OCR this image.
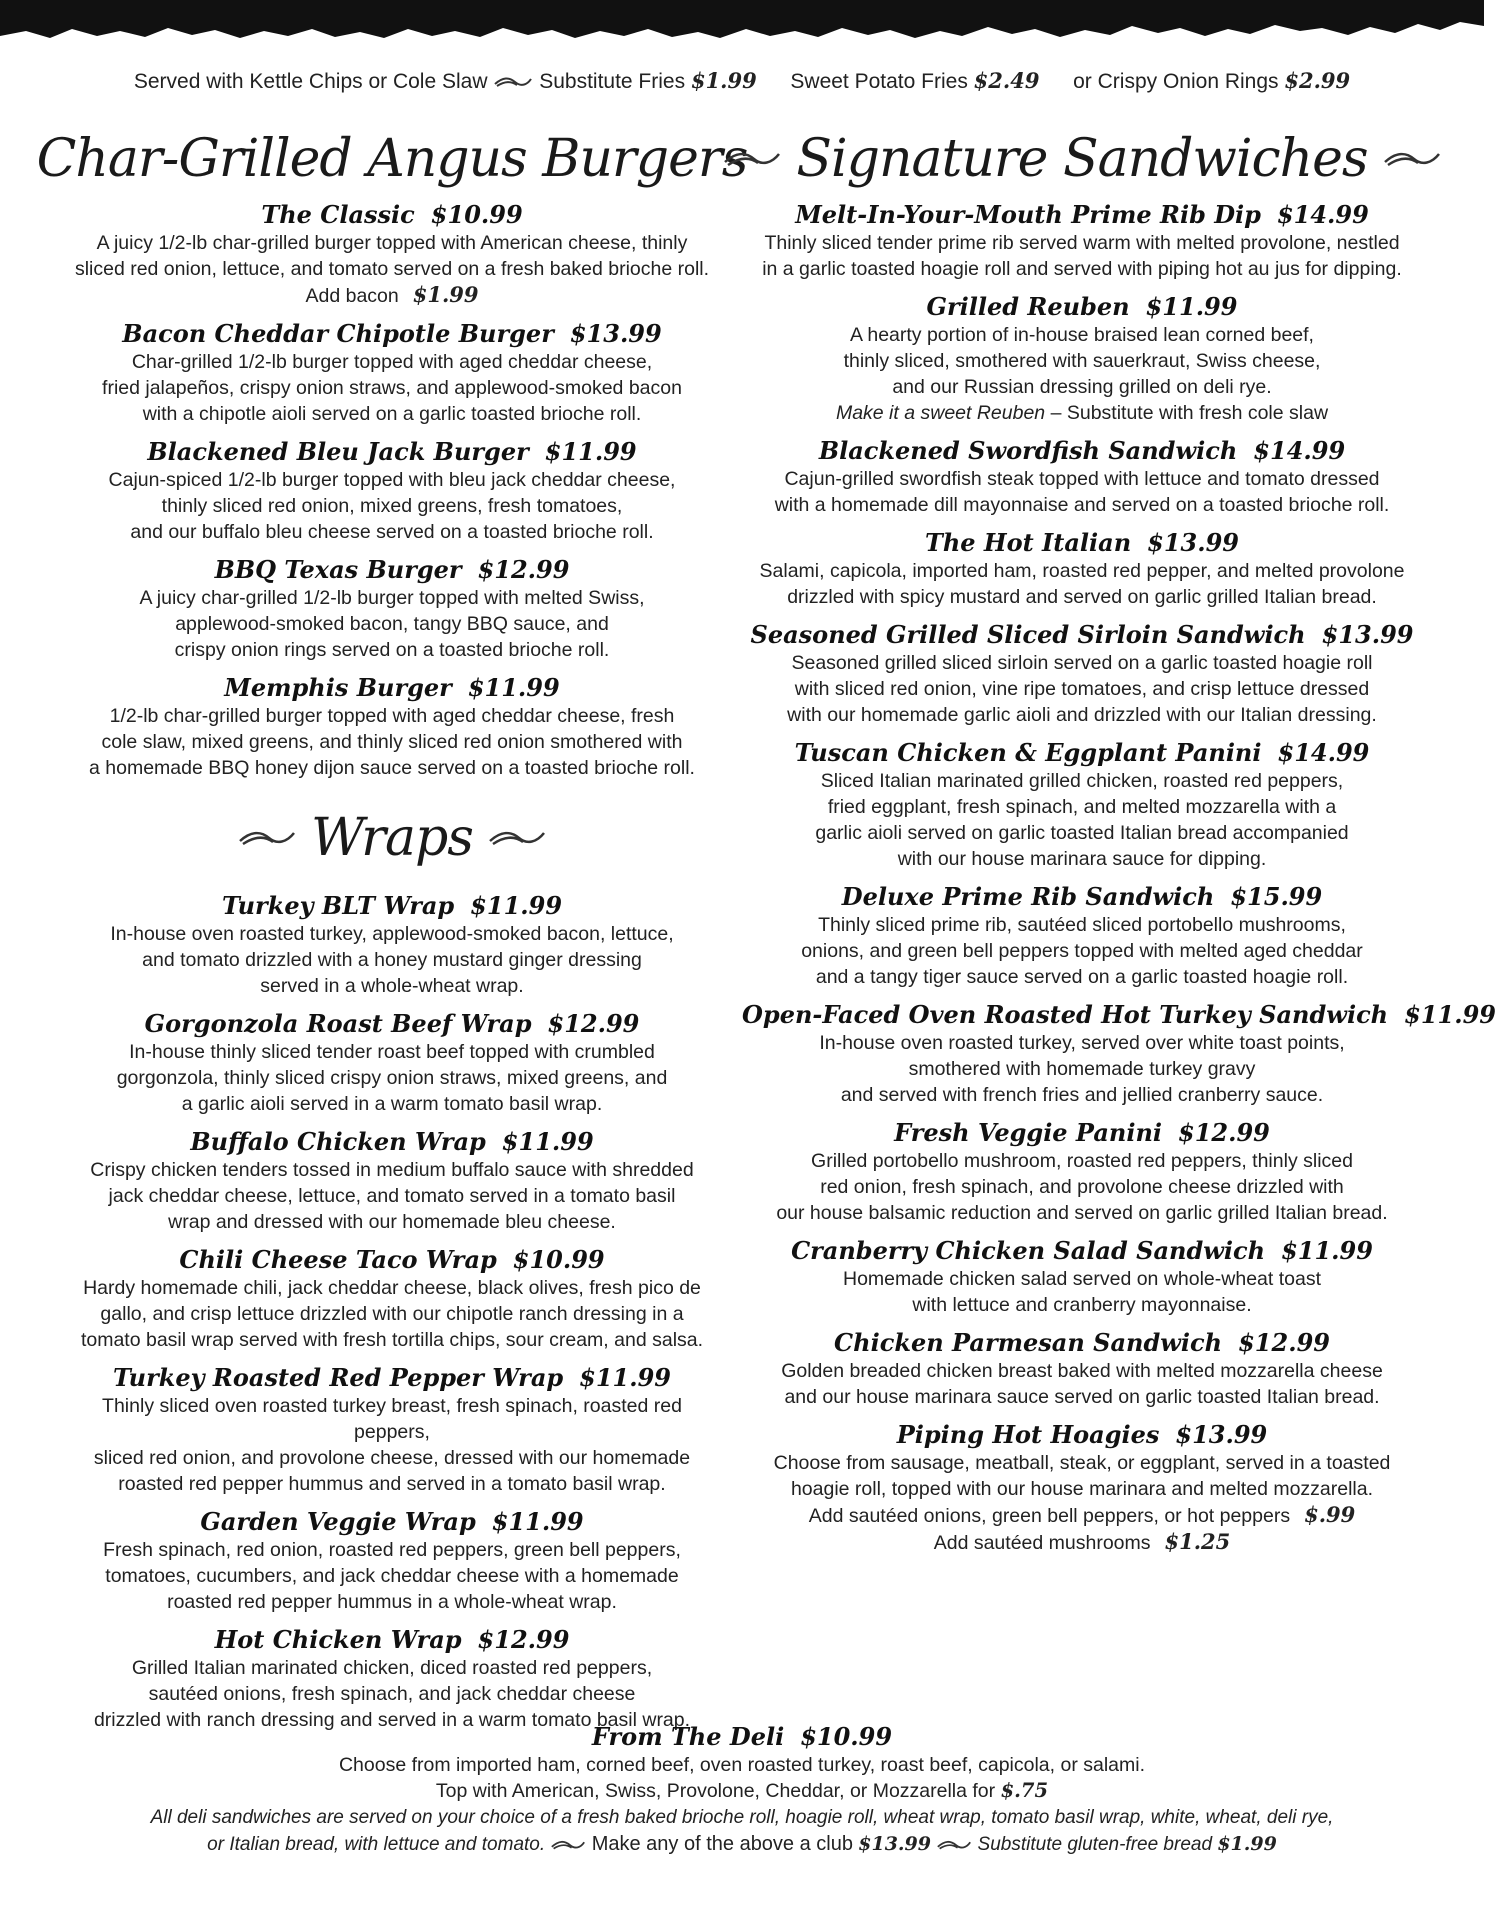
Served with Kettle Chips or Cole Slaw Substitute Fries $1.99 Sweet Potato Fries $2.49 or Crispy Onion Rings $2.99
Char-Grilled Angus Burgers
The Classic $10.99
A juicy 1/2-lb char-grilled burger topped with American cheese, thinly
sliced red onion, lettuce, and tomato served on a fresh baked brioche roll.
Add bacon $1.99
Bacon Cheddar Chipotle Burger $13.99
Char-grilled 1/2-lb burger topped with aged cheddar cheese,
fried jalapeños, crispy onion straws, and applewood-smoked bacon
with a chipotle aioli served on a garlic toasted brioche roll.
Blackened Bleu Jack Burger $11.99
Cajun-spiced 1/2-lb burger topped with bleu jack cheddar cheese,
thinly sliced red onion, mixed greens, fresh tomatoes,
and our buffalo bleu cheese served on a toasted brioche roll.
BBQ Texas Burger $12.99
A juicy char-grilled 1/2-lb burger topped with melted Swiss,
applewood-smoked bacon, tangy BBQ sauce, and
crispy onion rings served on a toasted brioche roll.
Memphis Burger $11.99
1/2-lb char-grilled burger topped with aged cheddar cheese, fresh
cole slaw, mixed greens, and thinly sliced red onion smothered with
a homemade BBQ honey dijon sauce served on a toasted brioche roll.
Wraps
Turkey BLT Wrap $11.99
In-house oven roasted turkey, applewood-smoked bacon, lettuce,
and tomato drizzled with a honey mustard ginger dressing
served in a whole-wheat wrap.
Gorgonzola Roast Beef Wrap $12.99
In-house thinly sliced tender roast beef topped with crumbled
gorgonzola, thinly sliced crispy onion straws, mixed greens, and
a garlic aioli served in a warm tomato basil wrap.
Buffalo Chicken Wrap $11.99
Crispy chicken tenders tossed in medium buffalo sauce with shredded
jack cheddar cheese, lettuce, and tomato served in a tomato basil
wrap and dressed with our homemade bleu cheese.
Chili Cheese Taco Wrap $10.99
Hardy homemade chili, jack cheddar cheese, black olives, fresh pico de
gallo, and crisp lettuce drizzled with our chipotle ranch dressing in a
tomato basil wrap served with fresh tortilla chips, sour cream, and salsa.
Turkey Roasted Red Pepper Wrap $11.99
Thinly sliced oven roasted turkey breast, fresh spinach, roasted red peppers,
sliced red onion, and provolone cheese, dressed with our homemade
roasted red pepper hummus and served in a tomato basil wrap.
Garden Veggie Wrap $11.99
Fresh spinach, red onion, roasted red peppers, green bell peppers,
tomatoes, cucumbers, and jack cheddar cheese with a homemade
roasted red pepper hummus in a whole-wheat wrap.
Hot Chicken Wrap $12.99
Grilled Italian marinated chicken, diced roasted red peppers,
sautéed onions, fresh spinach, and jack cheddar cheese
drizzled with ranch dressing and served in a warm tomato basil wrap.
Signature Sandwiches
Melt-In-Your-Mouth Prime Rib Dip $14.99
Thinly sliced tender prime rib served warm with melted provolone, nestled
in a garlic toasted hoagie roll and served with piping hot au jus for dipping.
Grilled Reuben $11.99
A hearty portion of in-house braised lean corned beef,
thinly sliced, smothered with sauerkraut, Swiss cheese,
and our Russian dressing grilled on deli rye.
Make it a sweet Reuben – Substitute with fresh cole slaw
Blackened Swordfish Sandwich $14.99
Cajun-grilled swordfish steak topped with lettuce and tomato dressed
with a homemade dill mayonnaise and served on a toasted brioche roll.
The Hot Italian $13.99
Salami, capicola, imported ham, roasted red pepper, and melted provolone
drizzled with spicy mustard and served on garlic grilled Italian bread.
Seasoned Grilled Sliced Sirloin Sandwich $13.99
Seasoned grilled sliced sirloin served on a garlic toasted hoagie roll
with sliced red onion, vine ripe tomatoes, and crisp lettuce dressed
with our homemade garlic aioli and drizzled with our Italian dressing.
Tuscan Chicken & Eggplant Panini $14.99
Sliced Italian marinated grilled chicken, roasted red peppers,
fried eggplant, fresh spinach, and melted mozzarella with a
garlic aioli served on garlic toasted Italian bread accompanied
with our house marinara sauce for dipping.
Deluxe Prime Rib Sandwich $15.99
Thinly sliced prime rib, sautéed sliced portobello mushrooms,
onions, and green bell peppers topped with melted aged cheddar
and a tangy tiger sauce served on a garlic toasted hoagie roll.
Open-Faced Oven Roasted Hot Turkey Sandwich $11.99
In-house oven roasted turkey, served over white toast points,
smothered with homemade turkey gravy
and served with french fries and jellied cranberry sauce.
Fresh Veggie Panini $12.99
Grilled portobello mushroom, roasted red peppers, thinly sliced
red onion, fresh spinach, and provolone cheese drizzled with
our house balsamic reduction and served on garlic grilled Italian bread.
Cranberry Chicken Salad Sandwich $11.99
Homemade chicken salad served on whole-wheat toast
with lettuce and cranberry mayonnaise.
Chicken Parmesan Sandwich $12.99
Golden breaded chicken breast baked with melted mozzarella cheese
and our house marinara sauce served on garlic toasted Italian bread.
Piping Hot Hoagies $13.99
Choose from sausage, meatball, steak, or eggplant, served in a toasted
hoagie roll, topped with our house marinara and melted mozzarella.
Add sautéed onions, green bell peppers, or hot peppers $.99
Add sautéed mushrooms $1.25
From The Deli $10.99
Choose from imported ham, corned beef, oven roasted turkey, roast beef, capicola, or salami.
Top with American, Swiss, Provolone, Cheddar, or Mozzarella for $.75
All deli sandwiches are served on your choice of a fresh baked brioche roll, hoagie roll, wheat wrap, tomato basil wrap, white, wheat, deli rye,
or Italian bread, with lettuce and tomato. Make any of the above a club $13.99 Substitute gluten-free bread $1.99
